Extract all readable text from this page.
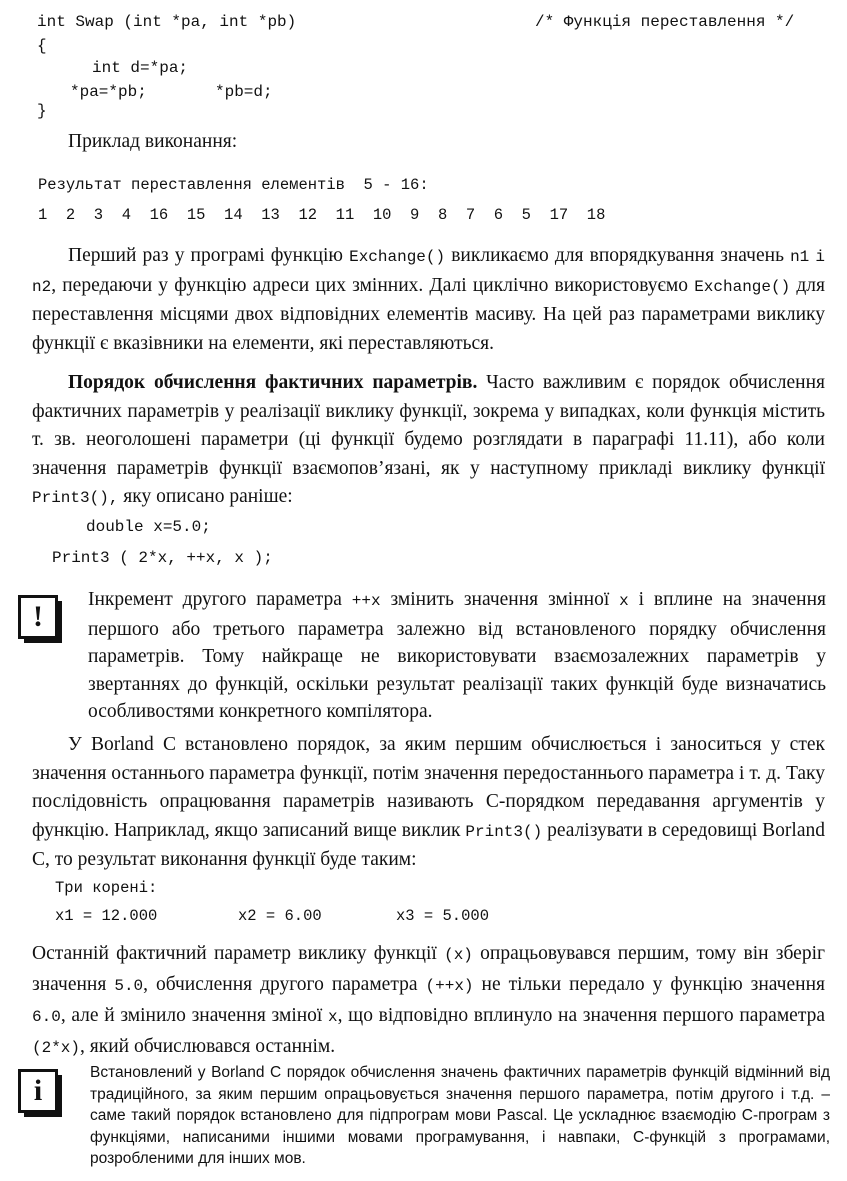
int Swap (int *pa, int *pb)	/* Функція переставлення */
{
int d=*pa;
*pa=*pb;	*pb=d;
}
Приклад виконання:
Результат переставлення елементів  5 - 16:
1  2  3  4  16  15  14  13  12  11  10  9  8  7  6  5  17  18
Перший раз у програмі функцію Exchange() викликаємо для впорядкування значень n1 і n2, передаючи у функцію адреси цих змінних. Далі циклічно використовуємо Exchange() для переставлення місцями двох відповідних елементів масиву. На цей раз параметрами виклику функції є вказівники на елементи, які переставляються.
Порядок обчислення фактичних параметрів. Часто важливим є порядок обчислення фактичних параметрів у реалізації виклику функції, зокрема у випадках, коли функція містить т. зв. неоголошені параметри (ці функції будемо розглядати в параграфі 11.11), або коли значення параметрів функції взаємопов’язані, як у наступному прикладі виклику функції Print3(), яку описано раніше:
double x=5.0;
Print3 ( 2*x, ++x, x );
!
Інкремент другого параметра ++x змінить значення змінної x і вплине на значення першого або третього параметра залежно від встановленого порядку обчислення параметрів. Тому найкраще не використовувати взаємозалежних параметрів у звертаннях до функцій, оскільки результат реалізації таких функцій буде визначатись особливостями конкретного компілятора.
У Borland C встановлено порядок, за яким першим обчислюється і заноситься у стек значення останнього параметра функції, потім значення передостаннього параметра і т. д. Таку послідовність опрацювання параметрів називають С-порядком передавання аргументів у функцію. Наприклад, якщо записаний вище виклик Print3() реалізувати в середовищі Borland C, то результат виконання функції буде таким:
Три корені:
x1 = 12.000	x2 = 6.00	x3 = 5.000
Останній фактичний параметр виклику функції (x) опрацьовувався першим, тому він зберіг значення 5.0, обчислення другого параметра (++x) не тільки передало у функцію значення 6.0, але й змінило значення зміної x, що відповідно вплинуло на значення першого параметра (2*x), який обчислювався останнім.
i
Встановлений у Borland C порядок обчислення значень фактичних параметрів функцій відмінний від традиційного, за яким першим опрацьовується значення першого параметра, потім другого і т.д. – саме такий порядок встановлено для підпрограм мови Pascal. Це ускладнює взаємодію С-програм з функціями, написаними іншими мовами програмування, і навпаки, С-функцій з програмами, розробленими для інших мов.
